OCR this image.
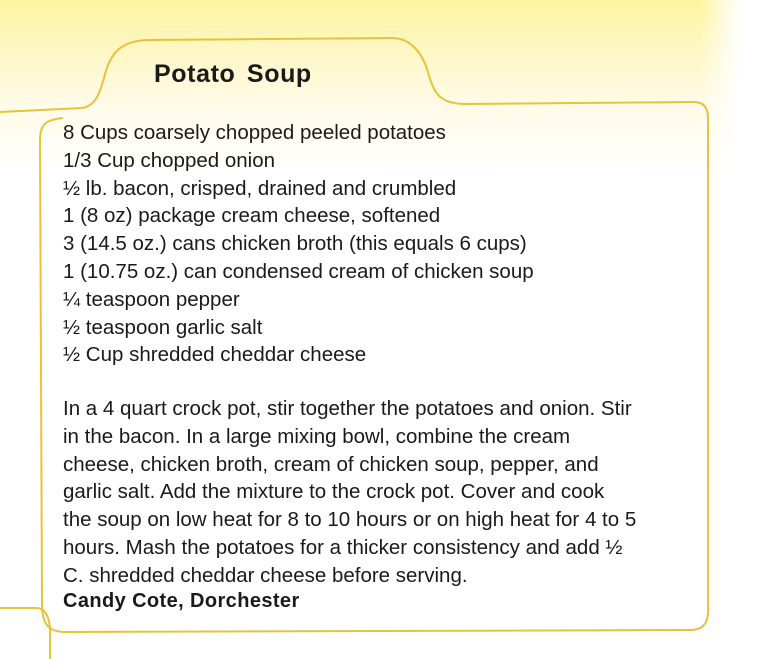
Potato Soup
8 Cups coarsely chopped peeled potatoes
1/3 Cup chopped onion
½ lb. bacon, crisped, drained and crumbled
1 (8 oz) package cream cheese, softened
3 (14.5 oz.) cans chicken broth (this equals 6 cups)
1 (10.75 oz.) can condensed cream of chicken soup
¼ teaspoon pepper
½ teaspoon garlic salt
½ Cup shredded cheddar cheese

In a 4 quart crock pot, stir together the potatoes and onion. Stir
in the bacon. In a large mixing bowl, combine the cream
cheese, chicken broth, cream of chicken soup, pepper, and
garlic salt. Add the mixture to the crock pot. Cover and cook
the soup on low heat for 8 to 10 hours or on high heat for 4 to 5
hours. Mash the potatoes for a thicker consistency and add ½
C. shredded cheddar cheese before serving.

Candy Cote, Dorchester
